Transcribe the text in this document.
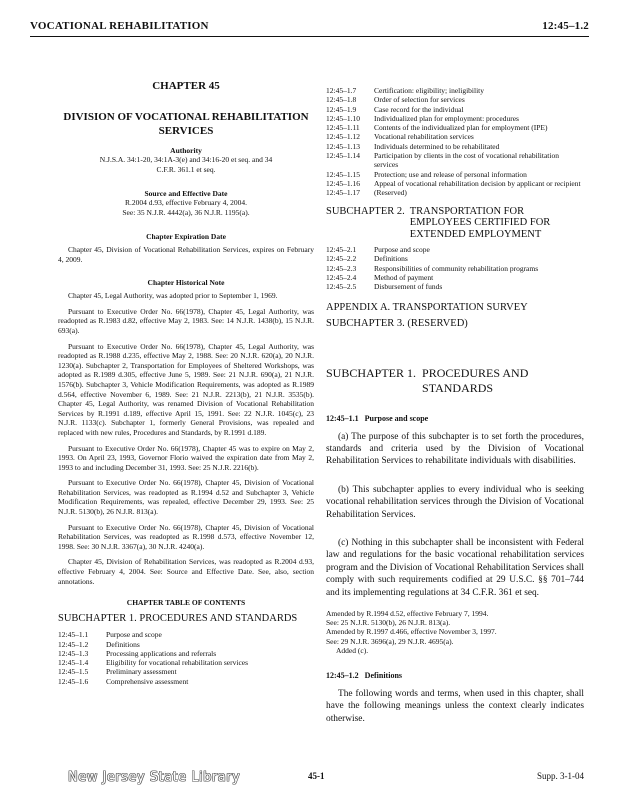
VOCATIONAL REHABILITATION	12:45–1.2
CHAPTER 45
DIVISION OF VOCATIONAL REHABILITATION SERVICES
Authority
N.J.S.A. 34:1-20, 34:1A-3(e) and 34:16-20 et seq. and 34 C.F.R. 361.1 et seq.
Source and Effective Date
R.2004 d.93, effective February 4, 2004.
See: 35 N.J.R. 4442(a), 36 N.J.R. 1195(a).
Chapter Expiration Date

Chapter 45, Division of Vocational Rehabilitation Services, expires on February 4, 2009.

Chapter Historical Note

Chapter 45, Legal Authority, was adopted prior to September 1, 1969.

Pursuant to Executive Order No. 66(1978), Chapter 45, Legal Authority, was readopted as R.1983 d.82, effective May 2, 1983. See: 14 N.J.R. 1438(b), 15 N.J.R. 693(a).

Pursuant to Executive Order No. 66(1978), Chapter 45, Legal Authority, was readopted as R.1988 d.235, effective May 2, 1988. See: 20 N.J.R. 620(a), 20 N.J.R. 1230(a). Subchapter 2, Transportation for Employees of Sheltered Workshops, was adopted as R.1989 d.305, effective June 5, 1989. See: 21 N.J.R. 690(a), 21 N.J.R. 1576(b). Subchapter 3, Vehicle Modification Requirements, was adopted as R.1989 d.564, effective November 6, 1989. See: 21 N.J.R. 2213(b), 21 N.J.R. 3535(b). Chapter 45, Legal Authority, was renamed Division of Vocational Rehabilitation Services by R.1991 d.189, effective April 15, 1991. See: 22 N.J.R. 1045(c), 23 N.J.R. 1133(c). Subchapter 1, formerly General Provisions, was repealed and replaced with new rules, Procedures and Standards, by R.1991 d.189.

Pursuant to Executive Order No. 66(1978), Chapter 45 was to expire on May 2, 1993. On April 23, 1993, Governor Florio waived the expiration date from May 2, 1993 to and including December 31, 1993. See: 25 N.J.R. 2216(b).

Pursuant to Executive Order No. 66(1978), Chapter 45, Division of Vocational Rehabilitation Services, was readopted as R.1994 d.52 and Subchapter 3, Vehicle Modification Requirements, was repealed, effective December 29, 1993. See: 25 N.J.R. 5130(b), 26 N.J.R. 813(a).

Pursuant to Executive Order No. 66(1978), Chapter 45, Division of Vocational Rehabilitation Services, was readopted as R.1998 d.573, effective November 12, 1998. See: 30 N.J.R. 3367(a), 30 N.J.R. 4240(a).

Chapter 45, Division of Rehabilitation Services, was readopted as R.2004 d.93, effective February 4, 2004. See: Source and Effective Date. See, also, section annotations.

CHAPTER TABLE OF CONTENTS
SUBCHAPTER 1. PROCEDURES AND STANDARDS
12:45–1.1	Purpose and scope
12:45–1.2	Definitions
12:45–1.3	Processing applications and referrals
12:45–1.4	Eligibility for vocational rehabilitation services
12:45–1.5	Preliminary assessment
12:45–1.6	Comprehensive assessment
12:45–1.7	Certification: eligibility; ineligibility
12:45–1.8	Order of selection for services
12:45–1.9	Case record for the individual
12:45–1.10	Individualized plan for employment: procedures
12:45–1.11	Contents of the individualized plan for employment (IPE)
12:45–1.12	Vocational rehabilitation services
12:45–1.13	Individuals determined to be rehabilitated
12:45–1.14	Participation by clients in the cost of vocational rehabilitation services
12:45–1.15	Protection; use and release of personal information
12:45–1.16	Appeal of vocational rehabilitation decision by applicant or recipient
12:45–1.17	(Reserved)
SUBCHAPTER 2. TRANSPORTATION FOR EMPLOYEES CERTIFIED FOR EXTENDED EMPLOYMENT
12:45–2.1	Purpose and scope
12:45–2.2	Definitions
12:45–2.3	Responsibilities of community rehabilitation programs
12:45–2.4	Method of payment
12:45–2.5	Disbursement of funds
APPENDIX A. TRANSPORTATION SURVEY
SUBCHAPTER 3. (RESERVED)
SUBCHAPTER 1. PROCEDURES AND STANDARDS
12:45–1.1 Purpose and scope

(a) The purpose of this subchapter is to set forth the procedures, standards and criteria used by the Division of Vocational Rehabilitation Services to rehabilitate individuals with disabilities.

(b) This subchapter applies to every individual who is seeking vocational rehabilitation services through the Division of Vocational Rehabilitation Services.

(c) Nothing in this subchapter shall be inconsistent with Federal law and regulations for the basic vocational rehabilitation services program and the Division of Vocational Rehabilitation Services shall comply with such requirements codified at 29 U.S.C. §§ 701–744 and its implementing regulations at 34 C.F.R. 361 et seq.

Amended by R.1994 d.52, effective February 7, 1994.
See: 25 N.J.R. 5130(b), 26 N.J.R. 813(a).
Amended by R.1997 d.466, effective November 3, 1997.
See: 29 N.J.R. 3696(a), 29 N.J.R. 4695(a).
Added (c).
12:45–1.2 Definitions

The following words and terms, when used in this chapter, shall have the following meanings unless the context clearly indicates otherwise.

New Jersey State Library	45-1	Supp. 3-1-04
